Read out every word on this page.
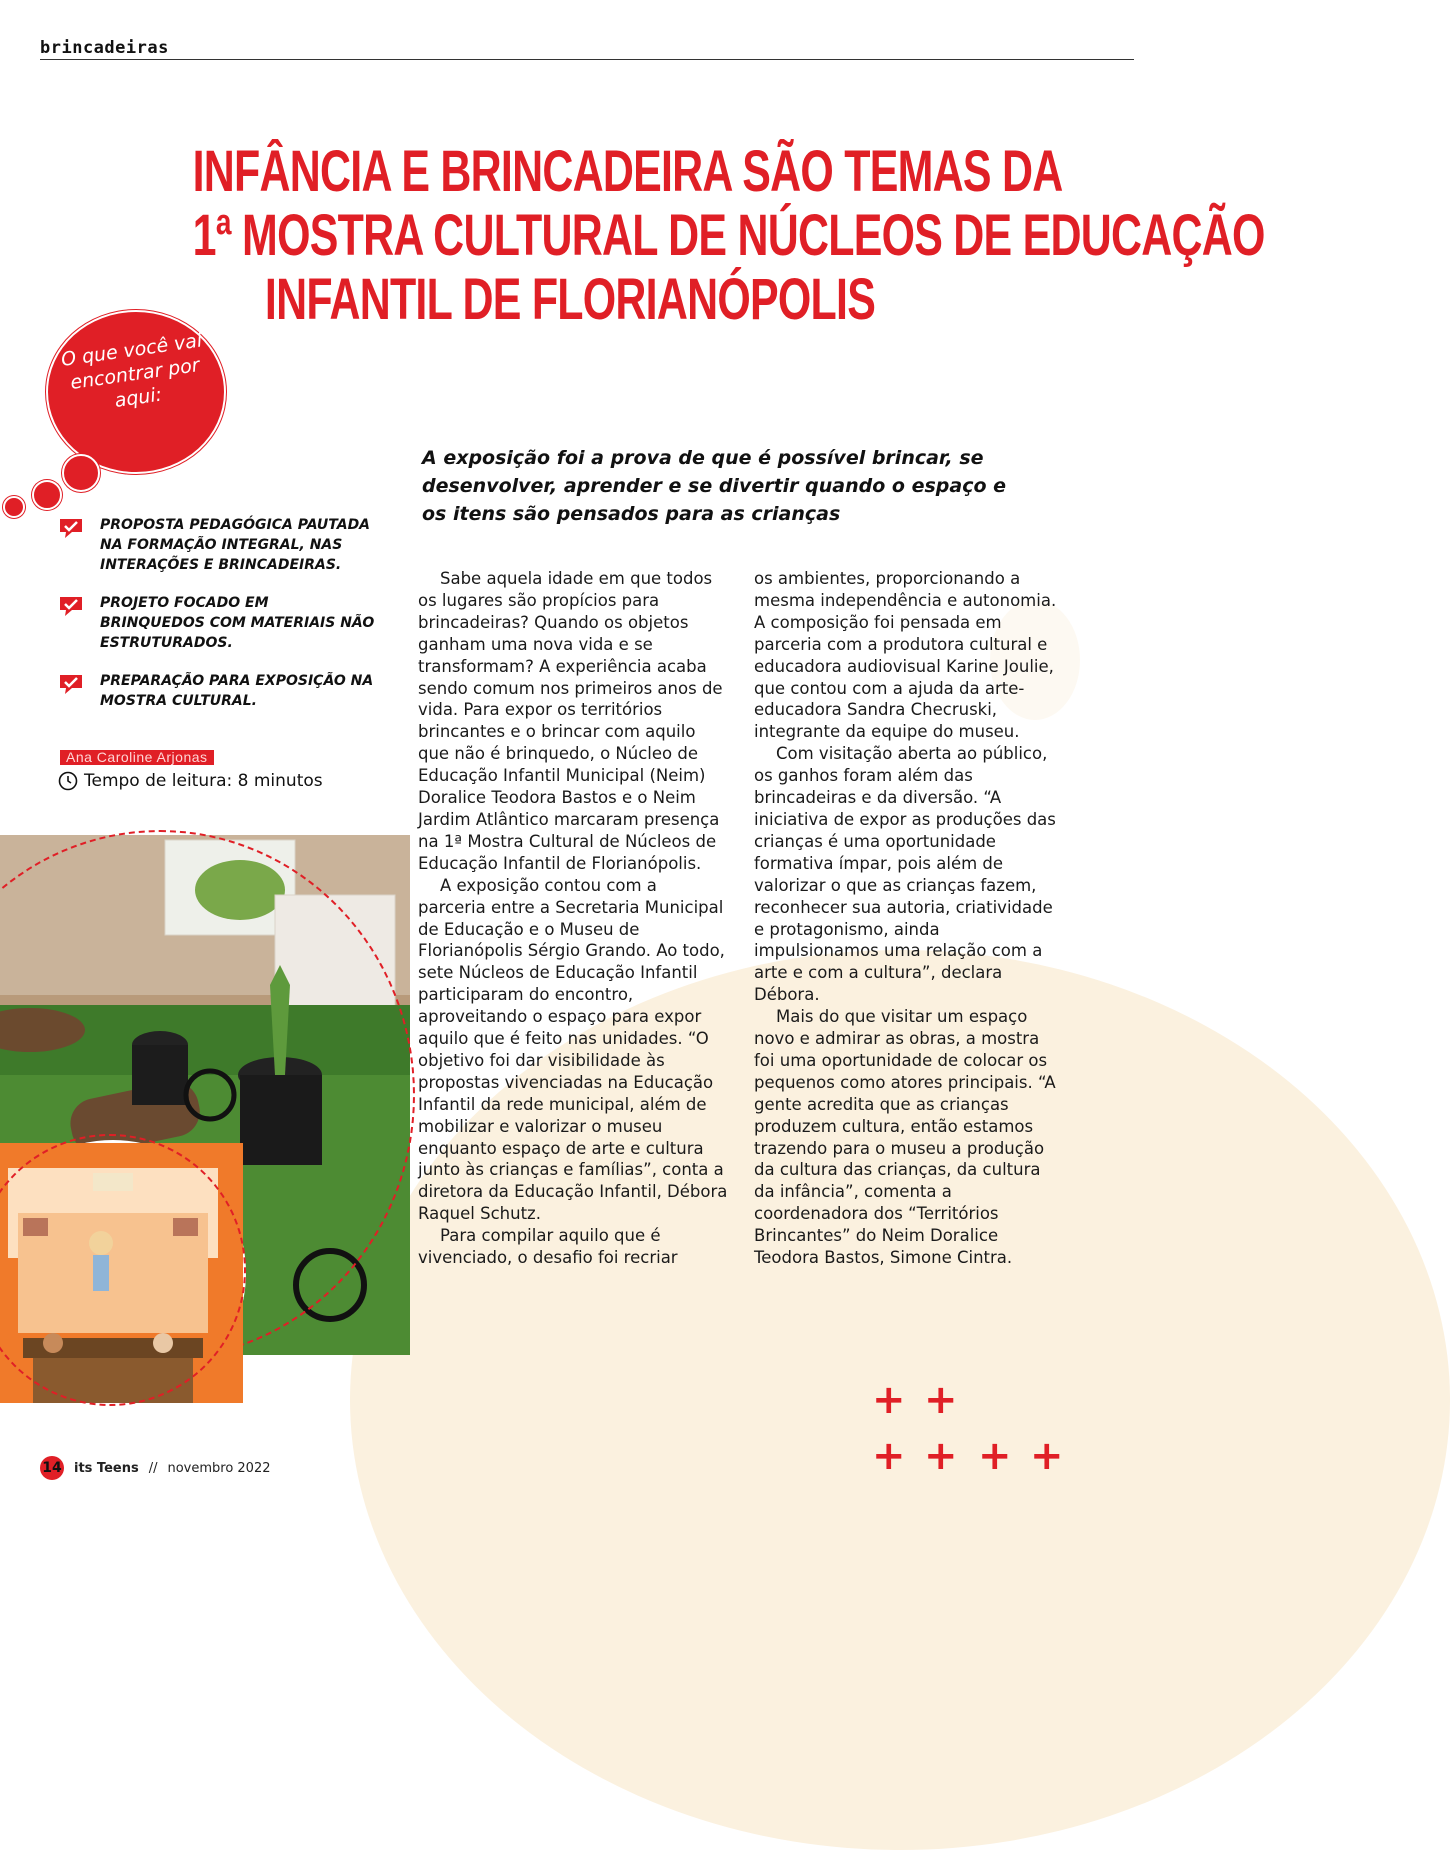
brincadeiras
INFÂNCIA E BRINCADEIRA SÃO TEMAS DA
1ª MOSTRA CULTURAL DE NÚCLEOS DE EDUCAÇÃO
INFANTIL DE FLORIANÓPOLIS
O que você vai encontrar por aqui:
A exposição foi a prova de que é possível brincar, se desenvolver, aprender e se divertir quando o espaço e os itens são pensados para as crianças
PROPOSTA PEDAGÓGICA PAUTADA NA FORMAÇÃO INTEGRAL, NAS INTERAÇÕES E BRINCADEIRAS.
PROJETO FOCADO EM BRINQUEDOS COM MATERIAIS NÃO ESTRUTURADOS.
PREPARAÇÃO PARA EXPOSIÇÃO NA MOSTRA CULTURAL.
Ana Caroline Arjonas
Tempo de leitura: 8 minutos

Sabe aquela idade em que todos os lugares são propícios para brincadeiras? Quando os objetos ganham uma nova vida e se transformam? A experiência acaba sendo comum nos primeiros anos de vida. Para expor os territórios brincantes e o brincar com aquilo que não é brinquedo, o Núcleo de Educação Infantil Municipal (Neim) Doralice Teodora Bastos e o Neim Jardim Atlântico marcaram presença na 1ª Mostra Cultural de Núcleos de Educação Infantil de Florianópolis.

A exposição contou com a parceria entre a Secretaria Municipal de Educação e o Museu de Florianópolis Sérgio Grando. Ao todo, sete Núcleos de Educação Infantil participaram do encontro, aproveitando o espaço para expor aquilo que é feito nas unidades. “O objetivo foi dar visibilidade às propostas vivenciadas na Educação Infantil da rede municipal, além de mobilizar e valorizar o museu enquanto espaço de arte e cultura junto às crianças e famílias”, conta a diretora da Educação Infantil, Débora Raquel Schutz.

Para compilar aquilo que é vivenciado, o desafio foi recriar

os ambientes, proporcionando a mesma independência e autonomia. A composição foi pensada em parceria com a produtora cultural e educadora audiovisual Karine Joulie, que contou com a ajuda da arte-educadora Sandra Checruski, integrante da equipe do museu.

Com visitação aberta ao público, os ganhos foram além das brincadeiras e da diversão. “A iniciativa de expor as produções das crianças é uma oportunidade formativa ímpar, pois além de valorizar o que as crianças fazem, reconhecer sua autoria, criatividade e protagonismo, ainda impulsionamos uma relação com a arte e com a cultura”, declara Débora.

Mais do que visitar um espaço novo e admirar as obras, a mostra foi uma oportunidade de colocar os pequenos como atores principais. “A gente acredita que as crianças produzem cultura, então estamos trazendo para o museu a produção da cultura das crianças, da cultura da infância”, comenta a coordenadora dos “Territórios Brincantes” do Neim Doralice Teodora Bastos, Simone Cintra.

+ +
+ + + +
14 its Teens // novembro 2022
